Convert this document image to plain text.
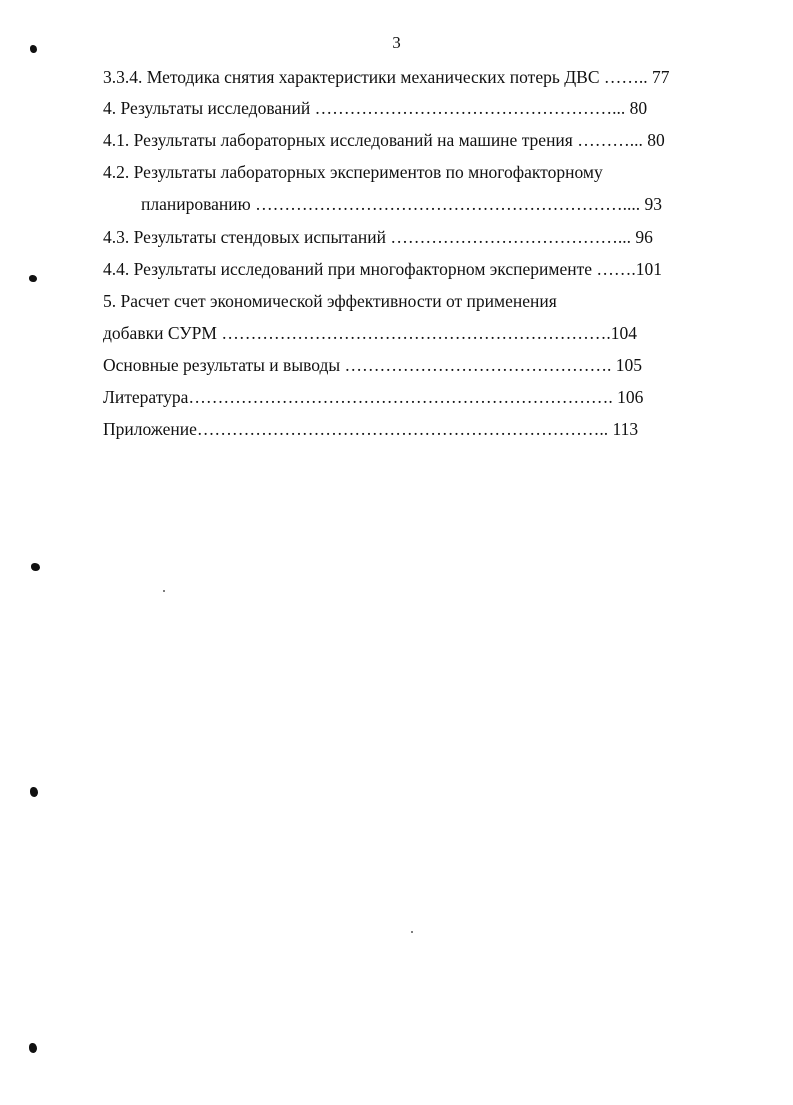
3
3.3.4. Методика снятия характеристики механических потерь ДВС …….. 77
4. Результаты исследований ……………………………………………... 80
4.1. Результаты лабораторных исследований на машине трения ………... 80
4.2. Результаты лабораторных экспериментов по многофакторному
планированию ……………………………………………………….... 93
4.3. Результаты стендовых испытаний …………………………………... 96
4.4. Результаты исследований при многофакторном эксперименте …….101
5. Расчет счет экономической эффективности от применения
добавки СУРМ ………………………………………………………….104
Основные результаты и выводы ………………………………………. 105
Литература………………………………………………………………. 106
Приложение…………………………………………………………….. 113
